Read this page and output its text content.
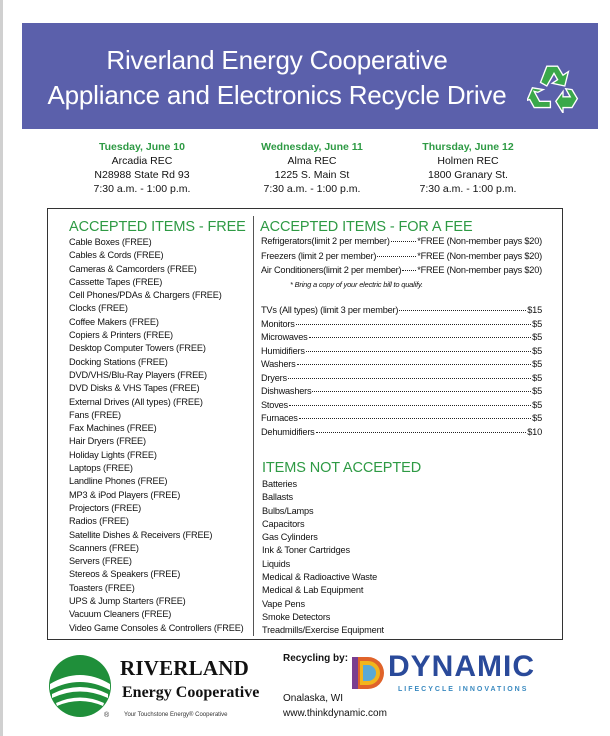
Riverland Energy Cooperative
Appliance and Electronics Recycle Drive
Tuesday, June 10
Arcadia REC
N28988 State Rd 93
7:30 a.m. - 1:00 p.m.
Wednesday, June 11
Alma REC
1225 S. Main St
7:30 a.m. - 1:00 p.m.
Thursday, June 12
Holmen REC
1800 Granary St.
7:30 a.m. - 1:00 p.m.
ACCEPTED ITEMS - FREE
Cable Boxes (FREE)
Cables & Cords (FREE)
Cameras & Camcorders (FREE)
Cassette Tapes (FREE)
Cell Phones/PDAs & Chargers (FREE)
Clocks (FREE)
Coffee Makers (FREE)
Copiers & Printers (FREE)
Desktop Computer Towers (FREE)
Docking Stations (FREE)
DVD/VHS/Blu-Ray Players (FREE)
DVD Disks & VHS Tapes (FREE)
External Drives (All types) (FREE)
Fans (FREE)
Fax Machines (FREE)
Hair Dryers (FREE)
Holiday Lights (FREE)
Laptops (FREE)
Landline Phones (FREE)
MP3 & iPod Players (FREE)
Projectors (FREE)
Radios (FREE)
Satellite Dishes & Receivers (FREE)
Scanners (FREE)
Servers (FREE)
Stereos & Speakers (FREE)
Toasters (FREE)
UPS & Jump Starters (FREE)
Vacuum Cleaners (FREE)
Video Game Consoles & Controllers (FREE)
ACCEPTED ITEMS - FOR A FEE
Refrigerators(limit 2 per member)	*FREE (Non-member pays $20)
Freezers (limit 2 per member)	*FREE (Non-member pays $20)
Air Conditioners(limit 2 per member) *FREE (Non-member pays $20)
* Bring a copy of your electric bill to qualify.
TVs (All types) (limit 3 per member)	$15
Monitors	$5
Microwaves	$5
Humidifiers	$5
Washers	$5
Dryers	$5
Dishwashers	$5
Stoves	$5
Furnaces	$5
Dehumidifiers	$10
ITEMS NOT ACCEPTED
Batteries
Ballasts
Bulbs/Lamps
Capacitors
Gas Cylinders
Ink & Toner Cartridges
Liquids
Medical & Radioactive Waste
Medical & Lab Equipment
Vape Pens
Smoke Detectors
Treadmills/Exercise Equipment
RIVERLAND
Energy Cooperative
® Your Touchstone Energy® Cooperative
Recycling by: DYNAMIC
LIFECYCLE INNOVATIONS
Onalaska, WI
www.thinkdynamic.com
